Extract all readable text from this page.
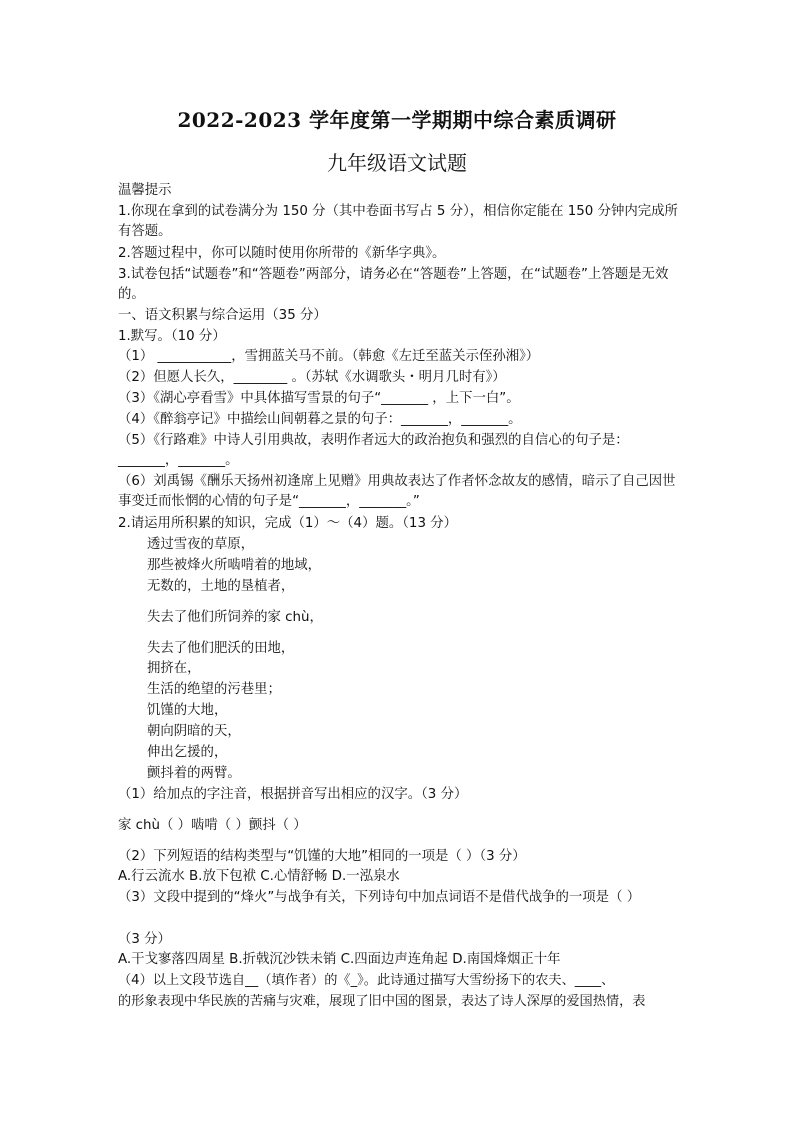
2022-2023 学年度第一学期期中综合素质调研
九年级语文试题
温馨提示
1.你现在拿到的试卷满分为 150 分（其中卷面书写占 5 分），相信你定能在 150 分钟内完成所有答题。
2.答题过程中，你可以随时使用你所带的《新华字典》。
3.试卷包括“试题卷”和“答题卷”两部分，请务必在“答题卷”上答题，在“试题卷”上答题是无效的。
一、语文积累与综合运用（35 分）
1.默写。（10 分）
（1） ___________，雪拥蓝关马不前。（韩愈《左迁至蓝关示侄孙湘》）
（2）但愿人长久，________ 。（苏轼《水调歌头・明月几时有》）
（3）《湖心亭看雪》中具体描写雪景的句子“_______ ，上下一白”。
（4）《醉翁亭记》中描绘山间朝暮之景的句子：_______，_______。
（5）《行路难》中诗人引用典故，表明作者远大的政治抱负和强烈的自信心的句子是：_______，_______。
（6）刘禹锡《酬乐天扬州初逢席上见赠》用典故表达了作者怀念故友的感情，暗示了自己因世事变迁而怅惘的心情的句子是“_______，_______。”
2.请运用所积累的知识，完成（1）～（4）题。（13 分）
透过雪夜的草原，
那些被烽火所啮啃着的地域，
无数的，土地的垦植者，
失去了他们所饲养的家 chù，
失去了他们肥沃的田地，
拥挤在，
生活的绝望的污巷里；
饥馑的大地，
朝向阴暗的天，
伸出乞援的，
颤抖着的两臂。
（1）给加点的字注音，根据拼音写出相应的汉字。（3 分）
家 chù（ ）啮啃（ ）颤抖（ ）
（2）下列短语的结构类型与“饥馑的大地”相同的一项是（ ）（3 分）
A.行云流水 B.放下包袱 C.心情舒畅 D.一泓泉水
（3）文段中提到的“烽火”与战争有关，下列诗句中加点词语不是借代战争的一项是（ ）
（3 分）
A.干戈寥落四周星 B.折戟沉沙铁未销 C.四面边声连角起 D.南国烽烟正十年
（4）以上文段节选自__（填作者）的《_》。此诗通过描写大雪纷扬下的农夫、____、
的形象表现中华民族的苦痛与灾难，展现了旧中国的图景，表达了诗人深厚的爱国热情，表
